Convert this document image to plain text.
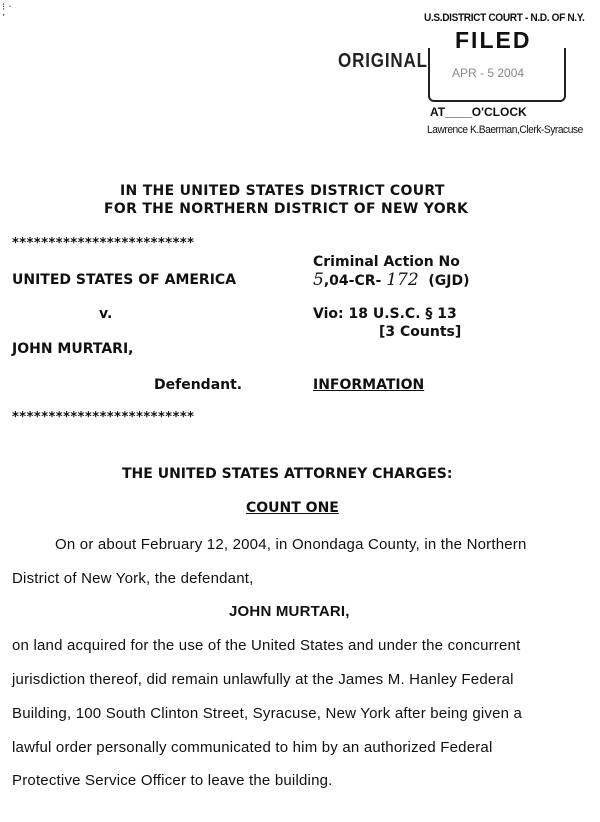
⁝ ·
ʼ
ORIGINAL
U.S.DISTRICT COURT - N.D. OF N.Y.
FILED
APR - 5 2004
AT____O'CLOCK
Lawrence K.Baerman,Clerk-Syracuse
IN THE UNITED STATES DISTRICT COURT
FOR THE NORTHERN DISTRICT OF NEW YORK
*************************
Criminal Action No
UNITED STATES OF AMERICA	5,04-CR- 172 (GJD)
v.	Vio: 18 U.S.C. § 13
[3 Counts]
JOHN MURTARI,
Defendant.	INFORMATION
*************************
THE UNITED STATES ATTORNEY CHARGES:
COUNT ONE
On or about February 12, 2004, in Onondaga County, in the Northern
District of New York, the defendant,
JOHN MURTARI,
on land acquired for the use of the United States and under the concurrent
jurisdiction thereof, did remain unlawfully at the James M. Hanley Federal
Building, 100 South Clinton Street, Syracuse, New York after being given a
lawful order personally communicated to him by an authorized Federal
Protective Service Officer to leave the building.
